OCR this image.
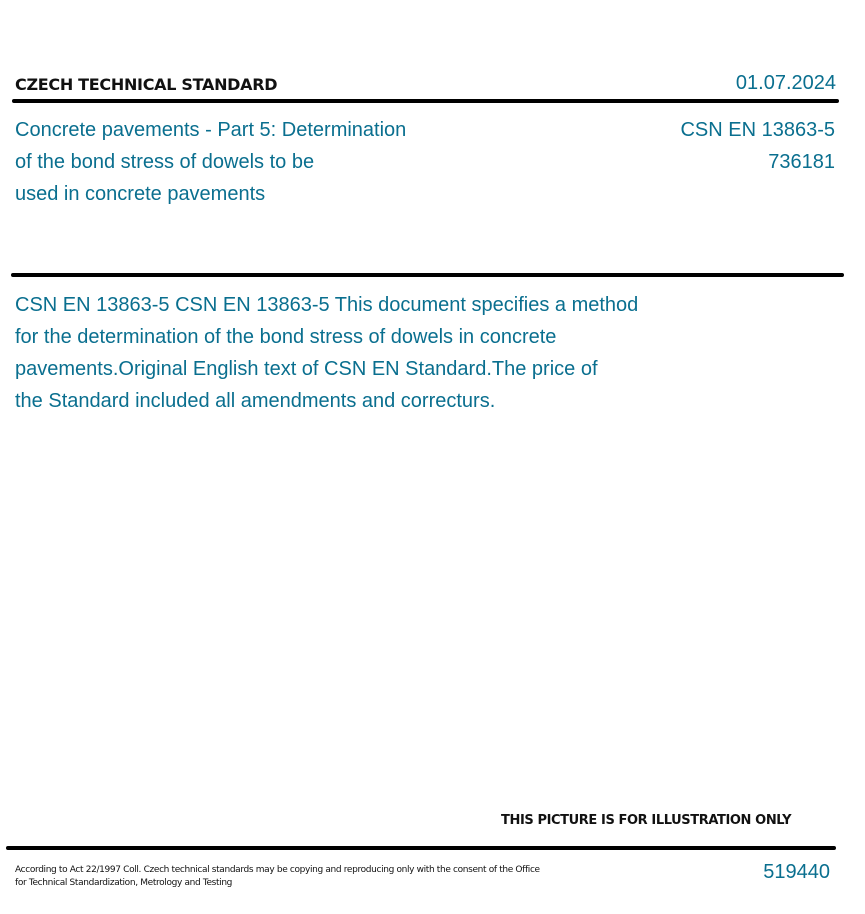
CZECH TECHNICAL STANDARD	01.07.2024
Concrete pavements - Part 5: Determination
of the bond stress of dowels to be
used in concrete pavements
CSN EN 13863-5
736181
CSN EN 13863-5 CSN EN 13863-5 This document specifies a method
for the determination of the bond stress of dowels in concrete
pavements.Original English text of CSN EN Standard.The price of
the Standard included all amendments and correcturs.
THIS PICTURE IS FOR ILLUSTRATION ONLY
According to Act 22/1997 Coll. Czech technical standards may be copying and reproducing only with the consent of the Office
for Technical Standardization, Metrology and Testing	519440
